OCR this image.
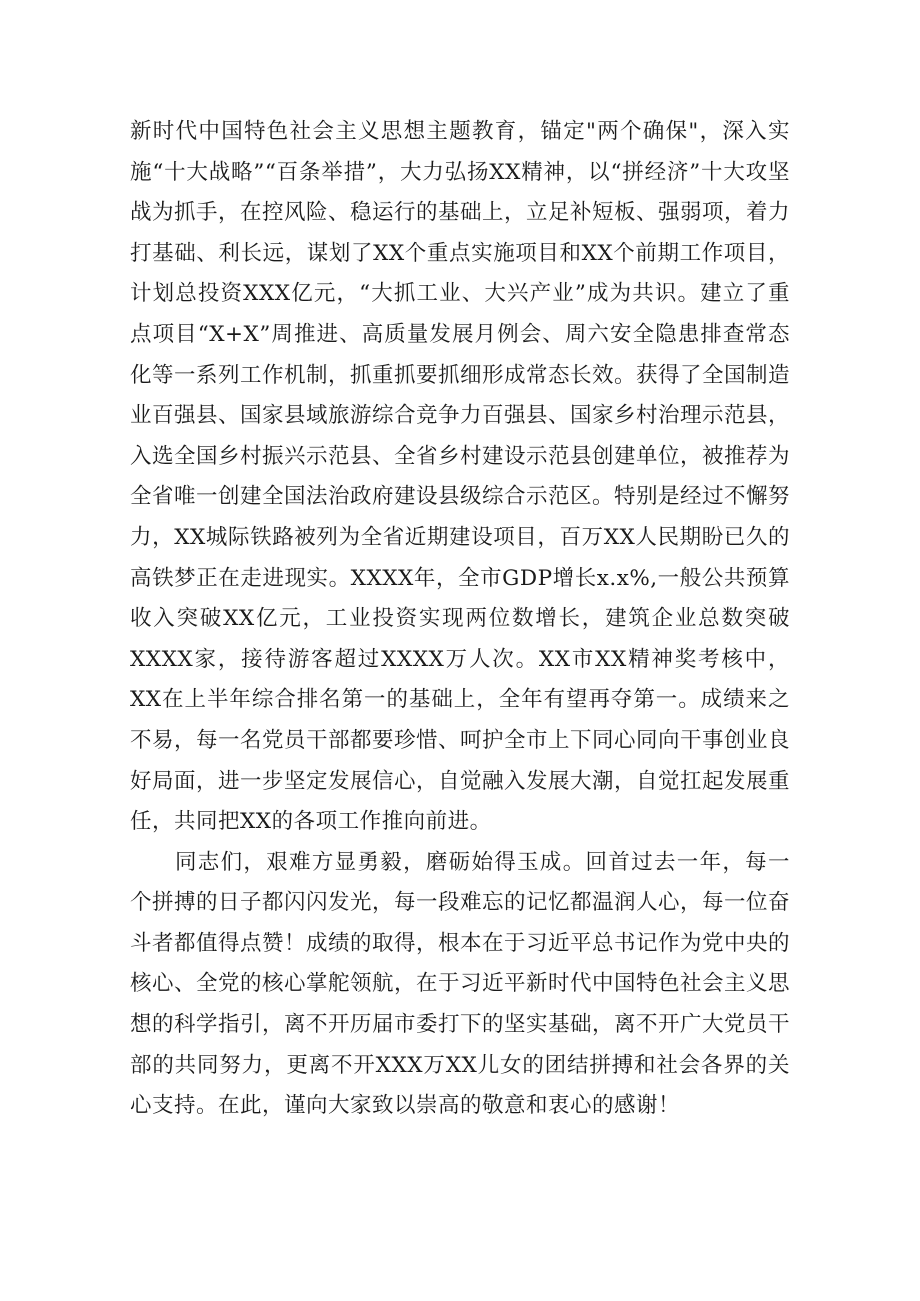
新时代中国特色社会主义思想主题教育，锚定"两个确保"，深入实施“十大战略”“百条举措”，大力弘扬XX精神，以“拼经济”十大攻坚战为抓手，在控风险、稳运行的基础上，立足补短板、强弱项，着力打基础、利长远，谋划了XX个重点实施项目和XX个前期工作项目，计划总投资XXX亿元，“大抓工业、大兴产业”成为共识。建立了重点项目“X+X”周推进、高质量发展月例会、周六安全隐患排查常态化等一系列工作机制，抓重抓要抓细形成常态长效。获得了全国制造业百强县、国家县域旅游综合竞争力百强县、国家乡村治理示范县，入选全国乡村振兴示范县、全省乡村建设示范县创建单位，被推荐为全省唯一创建全国法治政府建设县级综合示范区。特别是经过不懈努力，XX城际铁路被列为全省近期建设项目，百万XX人民期盼已久的高铁梦正在走进现实。XXXX年，全市GDP增长x.x%,一般公共预算收入突破XX亿元，工业投资实现两位数增长，建筑企业总数突破XXXX家，接待游客超过XXXX万人次。XX市XX精神奖考核中，XX在上半年综合排名第一的基础上，全年有望再夺第一。成绩来之不易，每一名党员干部都要珍惜、呵护全市上下同心同向干事创业良好局面，进一步坚定发展信心，自觉融入发展大潮，自觉扛起发展重任，共同把XX的各项工作推向前进。

同志们，艰难方显勇毅，磨砺始得玉成。回首过去一年，每一个拼搏的日子都闪闪发光，每一段难忘的记忆都温润人心，每一位奋斗者都值得点赞！成绩的取得，根本在于习近平总书记作为党中央的核心、全党的核心掌舵领航，在于习近平新时代中国特色社会主义思想的科学指引，离不开历届市委打下的坚实基础，离不开广大党员干部的共同努力，更离不开XXX万XX儿女的团结拼搏和社会各界的关心支持。在此，谨向大家致以崇高的敬意和衷心的感谢！
